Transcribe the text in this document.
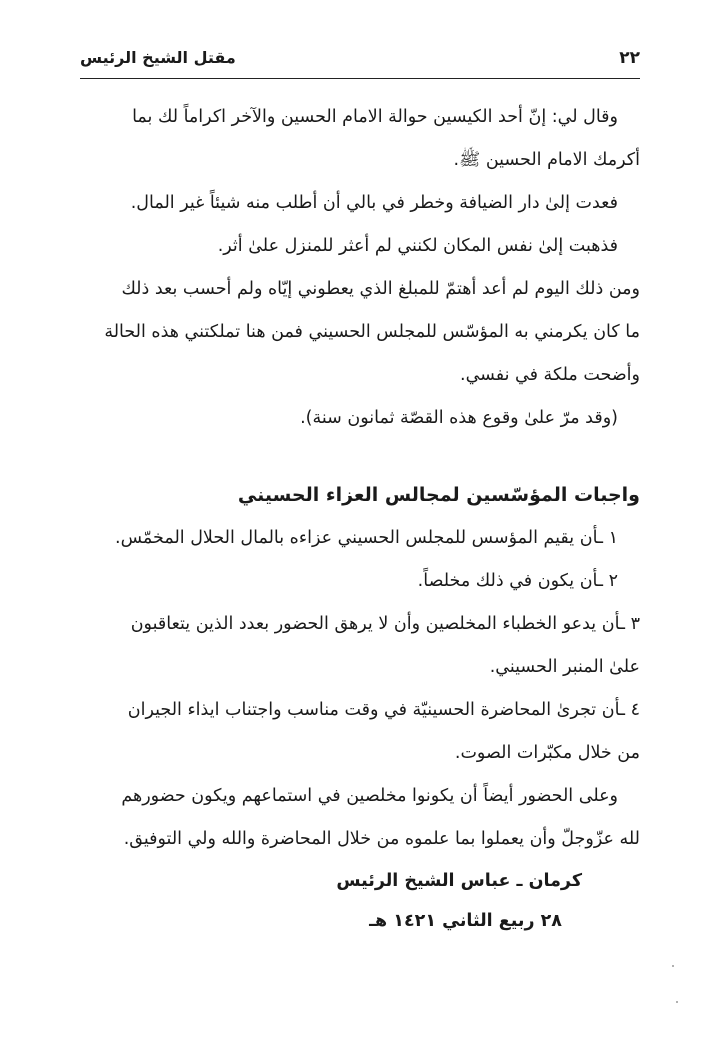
٢٢
مقتل الشيخ الرئيس

وقال لي: إنّ أحد الكيسين حوالة الامام الحسين والآخر اكراماً لك بما

أكرمك الامام الحسين ﷺ.

فعدت إلىٰ دار الضيافة وخطر في بالي أن أطلب منه شيئاً غير المال.

فذهبت إلىٰ نفس المكان لكنني لم أعثر للمنزل علىٰ أثر.

ومن ذلك اليوم لم أعد أهتمّ للمبلغ الذي يعطوني إيّاه ولم أحسب بعد ذلك

ما كان يكرمني به المؤسّس للمجلس الحسيني فمن هنا تملكتني هذه الحالة

وأضحت ملكة في نفسي.

(وقد مرّ علىٰ وقوع هذه القصّة ثمانون سنة).

واجبات المؤسّسين لمجالس العزاء الحسيني

١ ـأن يقيم المؤسس للمجلس الحسيني عزاءه بالمال الحلال المخمّس.

٢ ـأن يكون في ذلك مخلصاً.

٣ ـأن يدعو الخطباء المخلصين وأن لا يرهق الحضور بعدد الذين يتعاقبون

علىٰ المنبر الحسيني.

٤ ـأن تجرىٰ المحاضرة الحسينيّة في وقت مناسب واجتناب ايذاء الجيران

من خلال مكبّرات الصوت.

وعلى الحضور أيضاً أن يكونوا مخلصين في استماعهم ويكون حضورهم

لله عزّوجلّ وأن يعملوا بما علموه من خلال المحاضرة والله ولي التوفيق.

كرمان ـ عباس الشيخ الرئيس

٢٨ ربيع الثاني ١٤٢١ هـ
